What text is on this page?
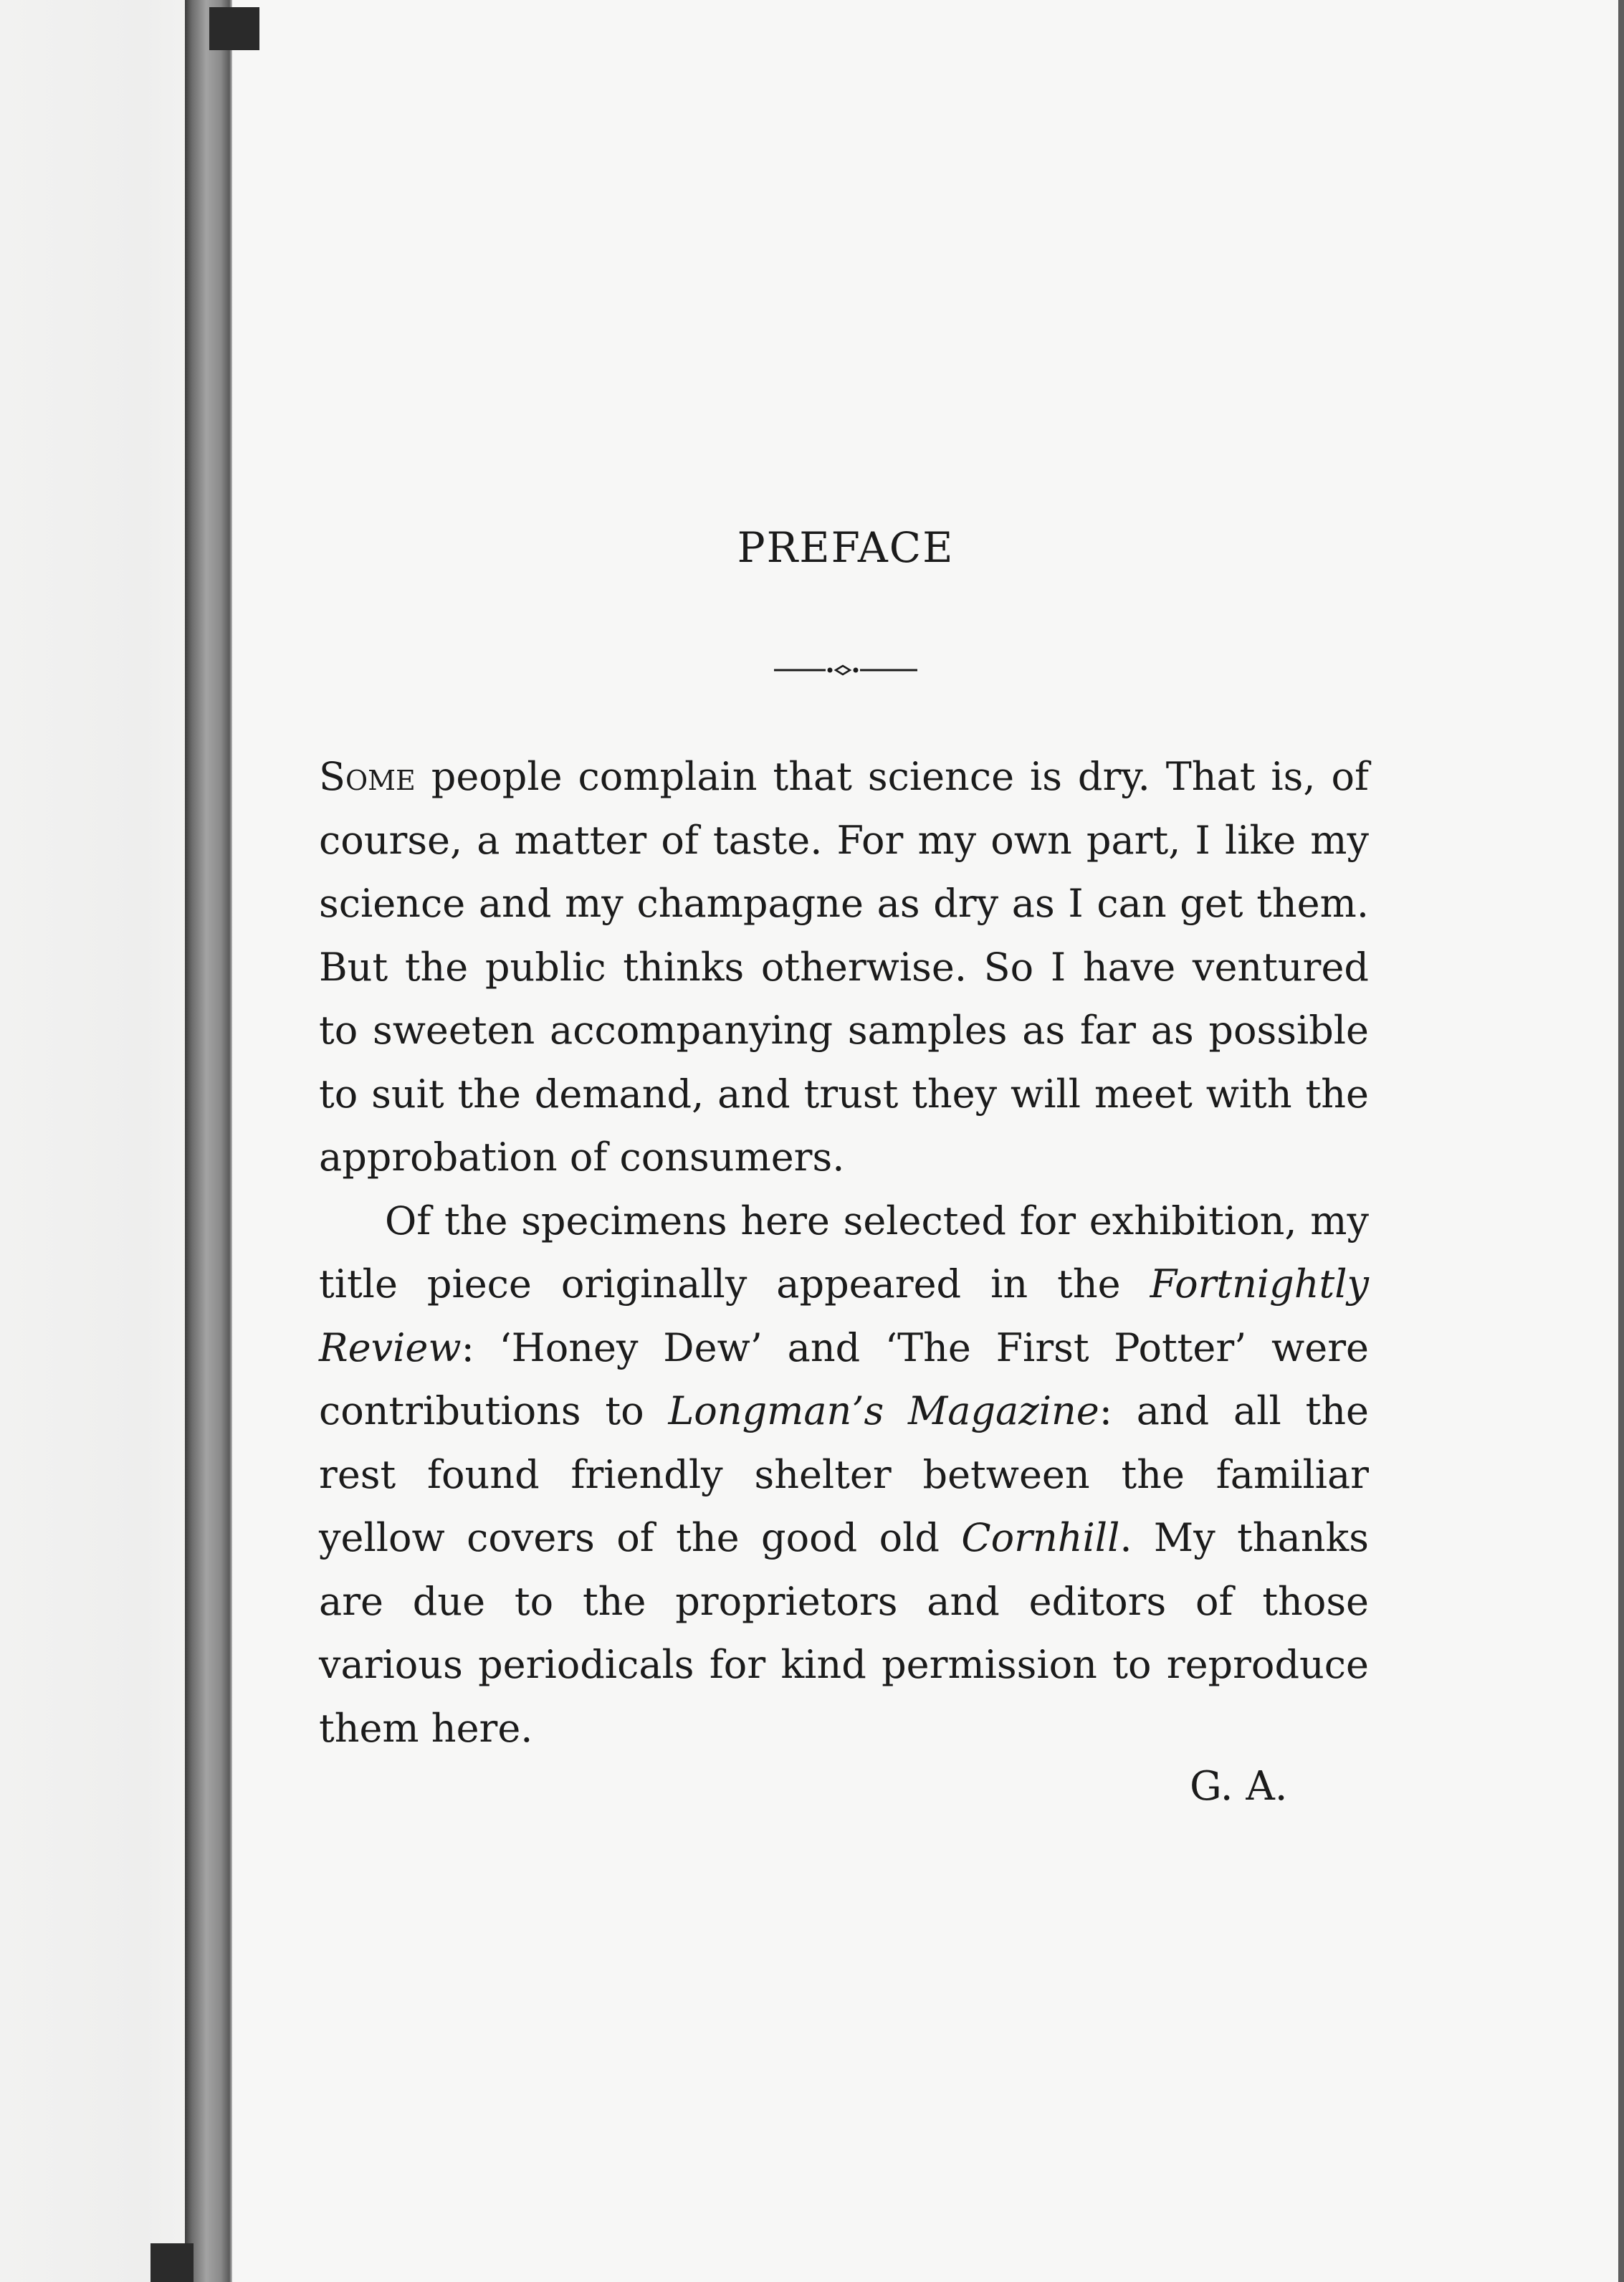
PREFACE

Some people complain that science is dry. That is, of course, a matter of taste. For my own part, I like my science and my champagne as dry as I can get them. But the public thinks otherwise. So I have ventured to sweeten accompanying samples as far as possible to suit the demand, and trust they will meet with the approbation of consumers.

Of the specimens here selected for exhibition, my title piece originally appeared in the Fortnightly Review: ‘Honey Dew’ and ‘The First Potter’ were contributions to Longman’s Magazine: and all the rest found friendly shelter between the familiar yellow covers of the good old Cornhill. My thanks are due to the proprietors and editors of those various periodicals for kind permission to reproduce them here.

G. A.
